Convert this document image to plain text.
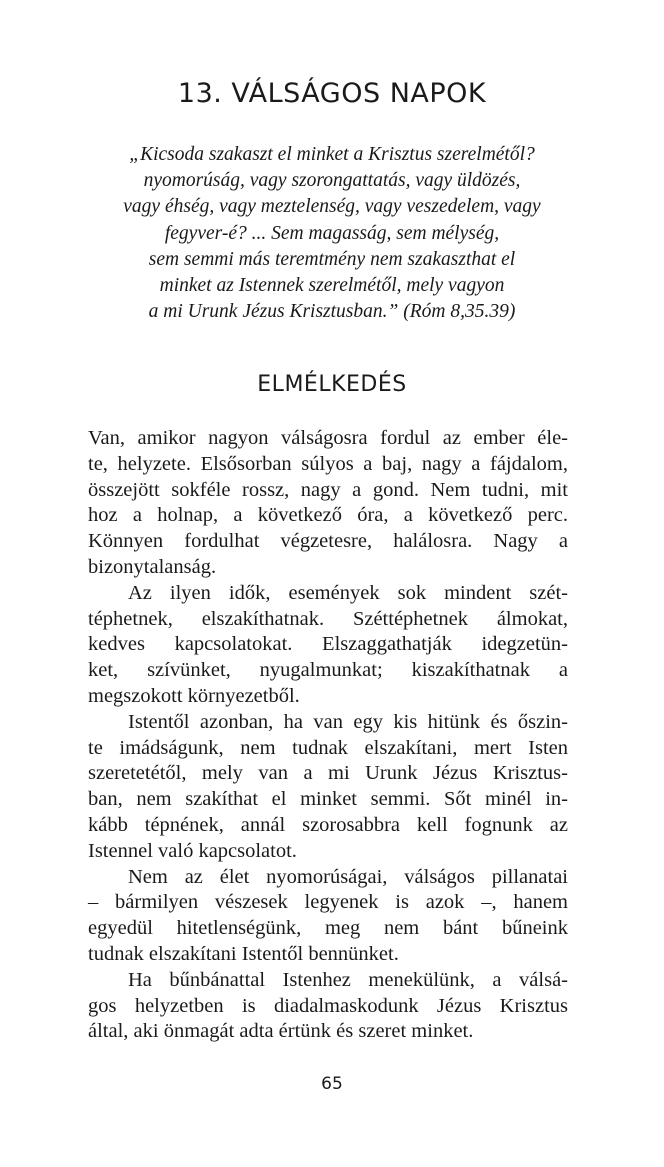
13. VÁLSÁGOS NAPOK
„Kicsoda szakaszt el minket a Krisztus szerelmétől?
nyomorúság, vagy szorongattatás, vagy üldözés,
vagy éhség, vagy meztelenség, vagy veszedelem, vagy
fegyver-é? ... Sem magasság, sem mélység,
sem semmi más teremtmény nem szakaszthat el
minket az Istennek szerelmétől, mely vagyon
a mi Urunk Jézus Krisztusban.” (Róm 8,35.39)
ELMÉLKEDÉS
Van, amikor nagyon válságosra fordul az ember éle-
te, helyzete. Elsősorban súlyos a baj, nagy a fájdalom,
összejött sokféle rossz, nagy a gond. Nem tudni, mit
hoz a holnap, a következő óra, a következő perc.
Könnyen fordulhat végzetesre, halálosra. Nagy a
bizonytalanság.
Az ilyen idők, események sok mindent szét-
téphetnek, elszakíthatnak. Széttéphetnek álmokat,
kedves kapcsolatokat. Elszaggathatják idegzetün-
ket, szívünket, nyugalmunkat; kiszakíthatnak a
megszokott környezetből.
Istentől azonban, ha van egy kis hitünk és őszin-
te imádságunk, nem tudnak elszakítani, mert Isten
szeretetétől, mely van a mi Urunk Jézus Krisztus-
ban, nem szakíthat el minket semmi. Sőt minél in-
kább tépnének, annál szorosabbra kell fognunk az
Istennel való kapcsolatot.
Nem az élet nyomorúságai, válságos pillanatai
– bármilyen vészesek legyenek is azok –, hanem
egyedül hitetlenségünk, meg nem bánt bűneink
tudnak elszakítani Istentől bennünket.
Ha bűnbánattal Istenhez menekülünk, a válsá-
gos helyzetben is diadalmaskodunk Jézus Krisztus
által, aki önmagát adta értünk és szeret minket.
65
